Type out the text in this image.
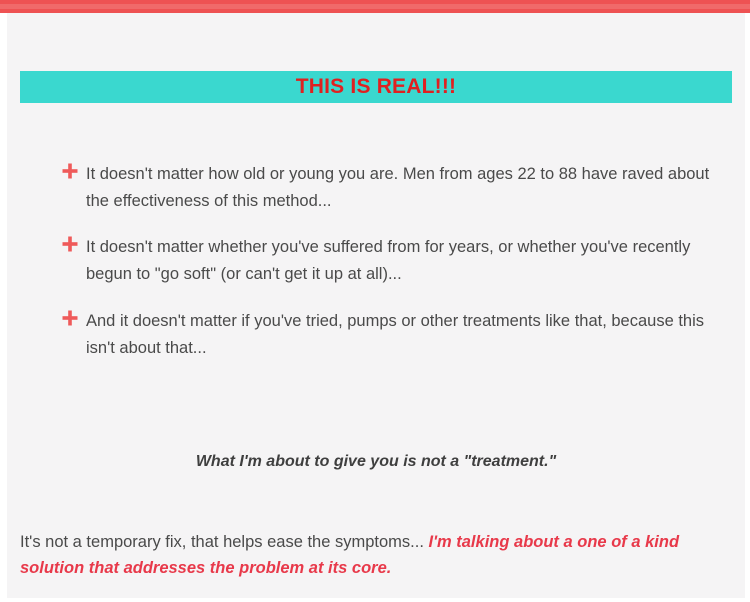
THIS IS REAL!!!
It doesn't matter how old or young you are. Men from ages 22 to 88 have raved about the effectiveness of this method...
It doesn't matter whether you've suffered from for years, or whether you've recently begun to "go soft" (or can't get it up at all)...
And it doesn't matter if you've tried, pumps or other treatments like that, because this isn't about that...
What I'm about to give you is not a "treatment."
It's not a temporary fix, that helps ease the symptoms... I'm talking about a one of a kind solution that addresses the problem at its core.
